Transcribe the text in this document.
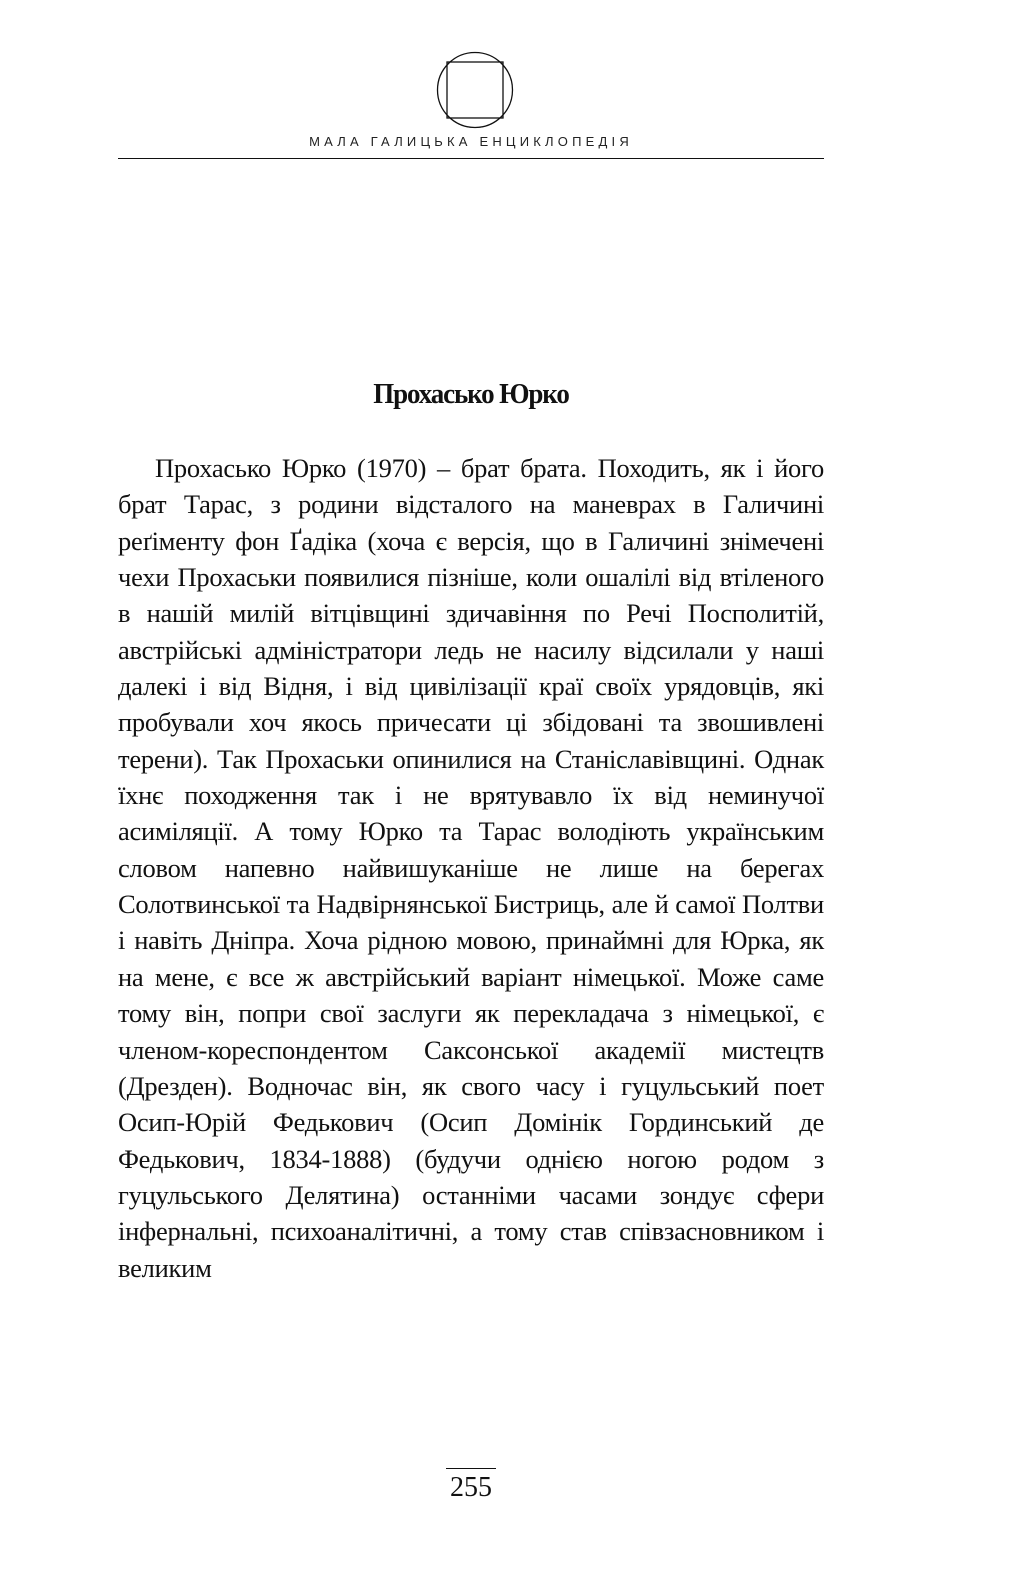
МАЛА ГАЛИЦЬКА ЕНЦИКЛОПЕДІЯ
Прохасько Юрко

Прохасько Юрко (1970) – брат брата. Походить, як і його брат Тарас, з родини відсталого на маневрах в Галичині реґіменту фон Ґадіка (хоча є версія, що в Галичині знімечені чехи Прохаськи появилися пізніше, коли ошалілі від втіленого в нашій милій вітцівщині здичавіння по Речі Посполитій, австрійські адміністратори ледь не насилу відсилали у наші далекі і від Відня, і від цивілізації краї своїх урядовців, які пробували хоч якось причесати ці збідовані та звошивлені терени). Так Прохаськи опинилися на Станіславівщині. Однак їхнє походження так і не врятувавло їх від неминучої асиміляції. А тому Юрко та Тарас володіють українським словом напевно найвишуканіше не лише на берегах Солотвинської та Надвірнянської Бистриць, але й самої Полтви і навіть Дніпра. Хоча рідною мовою, принаймні для Юрка, як на мене, є все ж австрійський варіант німецької. Може саме тому він, попри свої заслуги як перекладача з німецької, є членом-кореспондентом Саксонської академії мистецтв (Дрезден). Водночас він, як свого часу і гуцульський поет Осип-Юрій Федькович (Осип Домінік Гординський де Федькович, 1834-1888) (будучи однією ногою родом з гуцульського Делятина) останніми часами зондує сфери інфернальні, психоаналітичні, а тому став співзасновником і великим

255
